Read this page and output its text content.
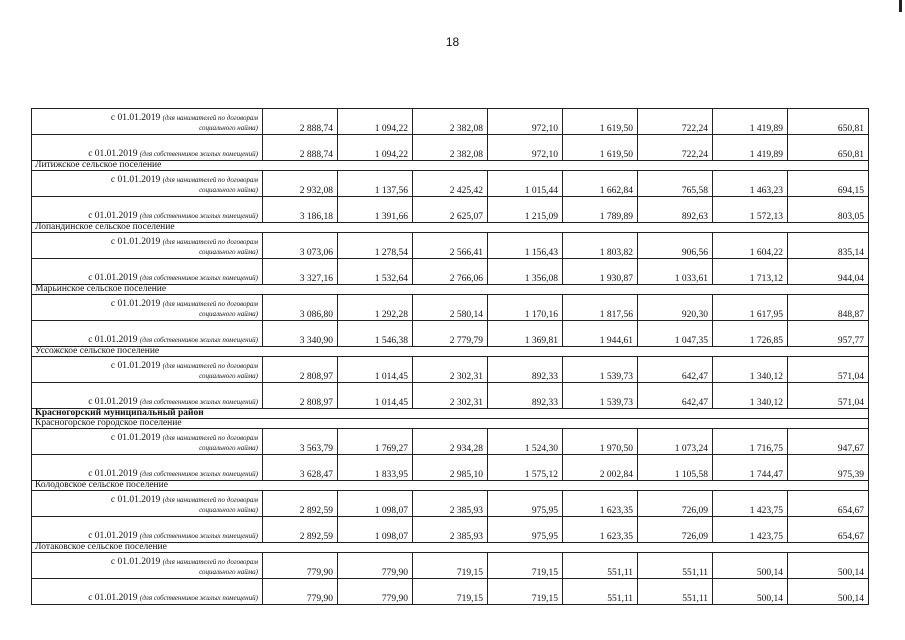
18
с 01.01.2019 (для нанимателей по договорам
социального найма)	2 888,74	1 094,22	2 382,08	972,10	1 619,50	722,24	1 419,89	650,81
с 01.01.2019 (для собственников жилых помещений)	2 888,74	1 094,22	2 382,08	972,10	1 619,50	722,24	1 419,89	650,81
Литижское сельское поселение								

с 01.01.2019 (для нанимателей по договорам
социального найма)	2 932,08	1 137,56	2 425,42	1 015,44	1 662,84	765,58	1 463,23	694,15
с 01.01.2019 (для собственников жилых помещений)	3 186,18	1 391,66	2 625,07	1 215,09	1 789,89	892,63	1 572,13	803,05
Лопандинское сельское поселение								

с 01.01.2019 (для нанимателей по договорам
социального найма)	3 073,06	1 278,54	2 566,41	1 156,43	1 803,82	906,56	1 604,22	835,14
с 01.01.2019 (для собственников жилых помещений)	3 327,16	1 532,64	2 766,06	1 356,08	1 930,87	1 033,61	1 713,12	944,04
Марьинское сельское поселение								

с 01.01.2019 (для нанимателей по договорам
социального найма)	3 086,80	1 292,28	2 580,14	1 170,16	1 817,56	920,30	1 617,95	848,87
с 01.01.2019 (для собственников жилых помещений)	3 340,90	1 546,38	2 779,79	1 369,81	1 944,61	1 047,35	1 726,85	957,77
Уссожское сельское поселение								

с 01.01.2019 (для нанимателей по договорам
социального найма)	2 808,97	1 014,45	2 302,31	892,33	1 539,73	642,47	1 340,12	571,04
с 01.01.2019 (для собственников жилых помещений)	2 808,97	1 014,45	2 302,31	892,33	1 539,73	642,47	1 340,12	571,04
Красногорский муниципальный район								
Красногорское городское поселение								

с 01.01.2019 (для нанимателей по договорам
социального найма)	3 563,79	1 769,27	2 934,28	1 524,30	1 970,50	1 073,24	1 716,75	947,67
с 01.01.2019 (для собственников жилых помещений)	3 628,47	1 833,95	2 985,10	1 575,12	2 002,84	1 105,58	1 744,47	975,39
Колодовское сельское поселение								

с 01.01.2019 (для нанимателей по договорам
социального найма)	2 892,59	1 098,07	2 385,93	975,95	1 623,35	726,09	1 423,75	654,67
с 01.01.2019 (для собственников жилых помещений)	2 892,59	1 098,07	2 385,93	975,95	1 623,35	726,09	1 423,75	654,67
Лотаковское сельское поселение								

с 01.01.2019 (для нанимателей по договорам
социального найма)	779,90	779,90	719,15	719,15	551,11	551,11	500,14	500,14
с 01.01.2019 (для собственников жилых помещений)	779,90	779,90	719,15	719,15	551,11	551,11	500,14	500,14
